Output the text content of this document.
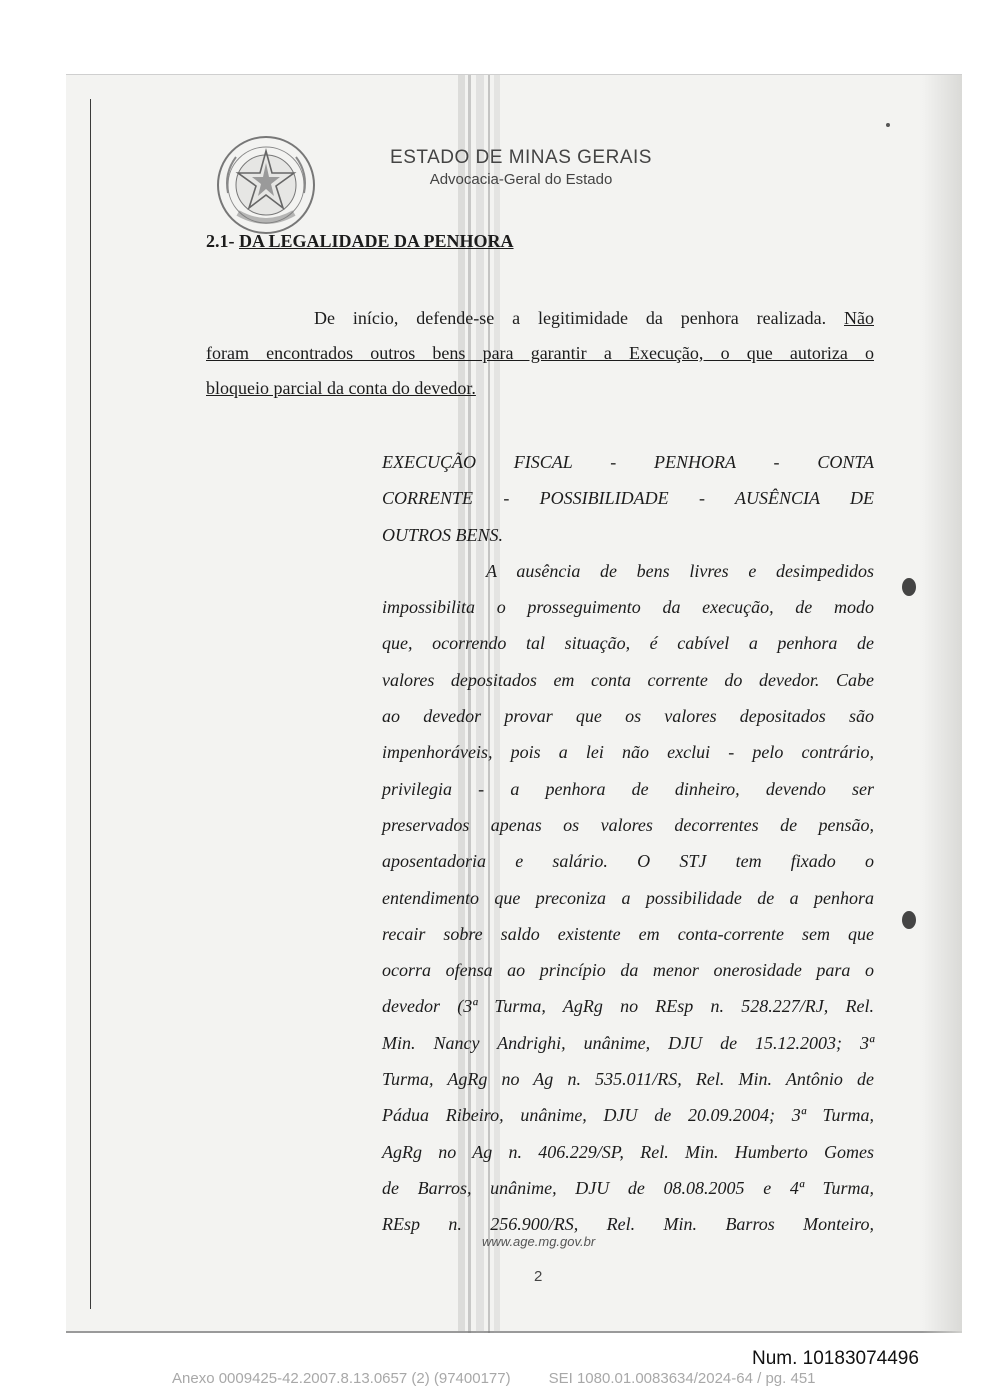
ESTADO DE MINAS GERAIS
Advocacia-Geral do Estado
2.1- DA LEGALIDADE DA PENHORA
De início, defende-se a legitimidade da penhora realizada. Não
foram encontrados outros bens para garantir a Execução, o que autoriza o
bloqueio parcial da conta do devedor.
EXECUÇÃO FISCAL - PENHORA - CONTA
CORRENTE - POSSIBILIDADE - AUSÊNCIA DE
OUTROS BENS.
A ausência de bens livres e desimpedidos
impossibilita o prosseguimento da execução, de modo
que, ocorrendo tal situação, é cabível a penhora de
valores depositados em conta corrente do devedor. Cabe
ao devedor provar que os valores depositados são
impenhoráveis, pois a lei não exclui - pelo contrário,
privilegia - a penhora de dinheiro, devendo ser
preservados apenas os valores decorrentes de pensão,
aposentadoria e salário. O STJ tem fixado o
entendimento que preconiza a possibilidade de a penhora
recair sobre saldo existente em conta-corrente sem que
ocorra ofensa ao princípio da menor onerosidade para o
devedor (3ª Turma, AgRg no REsp n. 528.227/RJ, Rel.
Min. Nancy Andrighi, unânime, DJU de 15.12.2003; 3ª
Turma, AgRg no Ag n. 535.011/RS, Rel. Min. Antônio de
Pádua Ribeiro, unânime, DJU de 20.09.2004; 3ª Turma,
AgRg no Ag n. 406.229/SP, Rel. Min. Humberto Gomes
de Barros, unânime, DJU de 08.08.2005 e 4ª Turma,
REsp n. 256.900/RS, Rel. Min. Barros Monteiro,
www.age.mg.gov.br
2
Num. 10183074496
Anexo 0009425-42.2007.8.13.0657 (2) (97400177)	SEI 1080.01.0083634/2024-64 / pg. 451
